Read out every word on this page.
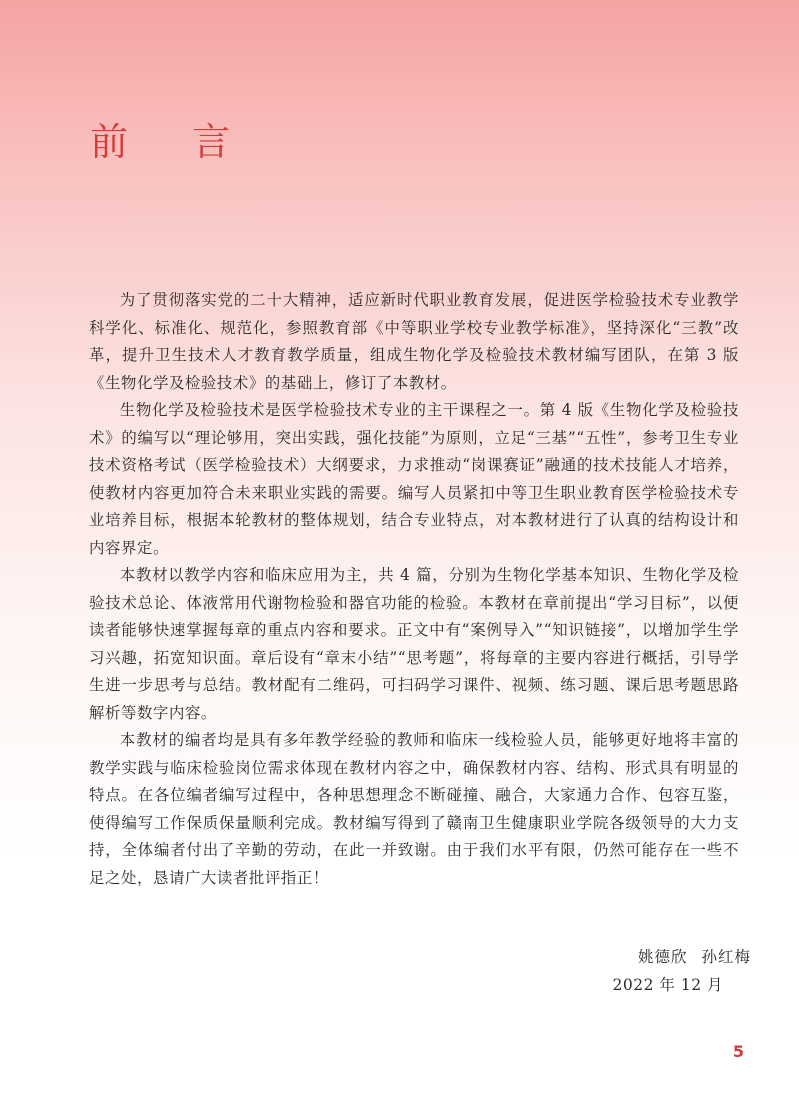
前 言

为了贯彻落实党的二十大精神，适应新时代职业教育发展，促进医学检验技术专业教学科学化、标准化、规范化，参照教育部《中等职业学校专业教学标准》，坚持深化“三教”改革，提升卫生技术人才教育教学质量，组成生物化学及检验技术教材编写团队，在第 3 版《生物化学及检验技术》的基础上，修订了本教材。

生物化学及检验技术是医学检验技术专业的主干课程之一。第 4 版《生物化学及检验技术》的编写以“理论够用，突出实践，强化技能”为原则，立足“三基”“五性”，参考卫生专业技术资格考试（医学检验技术）大纲要求，力求推动“岗课赛证”融通的技术技能人才培养，使教材内容更加符合未来职业实践的需要。编写人员紧扣中等卫生职业教育医学检验技术专业培养目标，根据本轮教材的整体规划，结合专业特点，对本教材进行了认真的结构设计和内容界定。

本教材以教学内容和临床应用为主，共 4 篇，分别为生物化学基本知识、生物化学及检验技术总论、体液常用代谢物检验和器官功能的检验。本教材在章前提出“学习目标”，以便读者能够快速掌握每章的重点内容和要求。正文中有“案例导入”“知识链接”，以增加学生学习兴趣，拓宽知识面。章后设有“章末小结”“思考题”，将每章的主要内容进行概括，引导学生进一步思考与总结。教材配有二维码，可扫码学习课件、视频、练习题、课后思考题思路解析等数字内容。

本教材的编者均是具有多年教学经验的教师和临床一线检验人员，能够更好地将丰富的教学实践与临床检验岗位需求体现在教材内容之中，确保教材内容、结构、形式具有明显的特点。在各位编者编写过程中，各种思想理念不断碰撞、融合，大家通力合作、包容互鉴，使得编写工作保质保量顺利完成。教材编写得到了赣南卫生健康职业学院各级领导的大力支持，全体编者付出了辛勤的劳动，在此一并致谢。由于我们水平有限，仍然可能存在一些不足之处，恳请广大读者批评指正！

姚德欣 孙红梅
2022 年 12 月
5
